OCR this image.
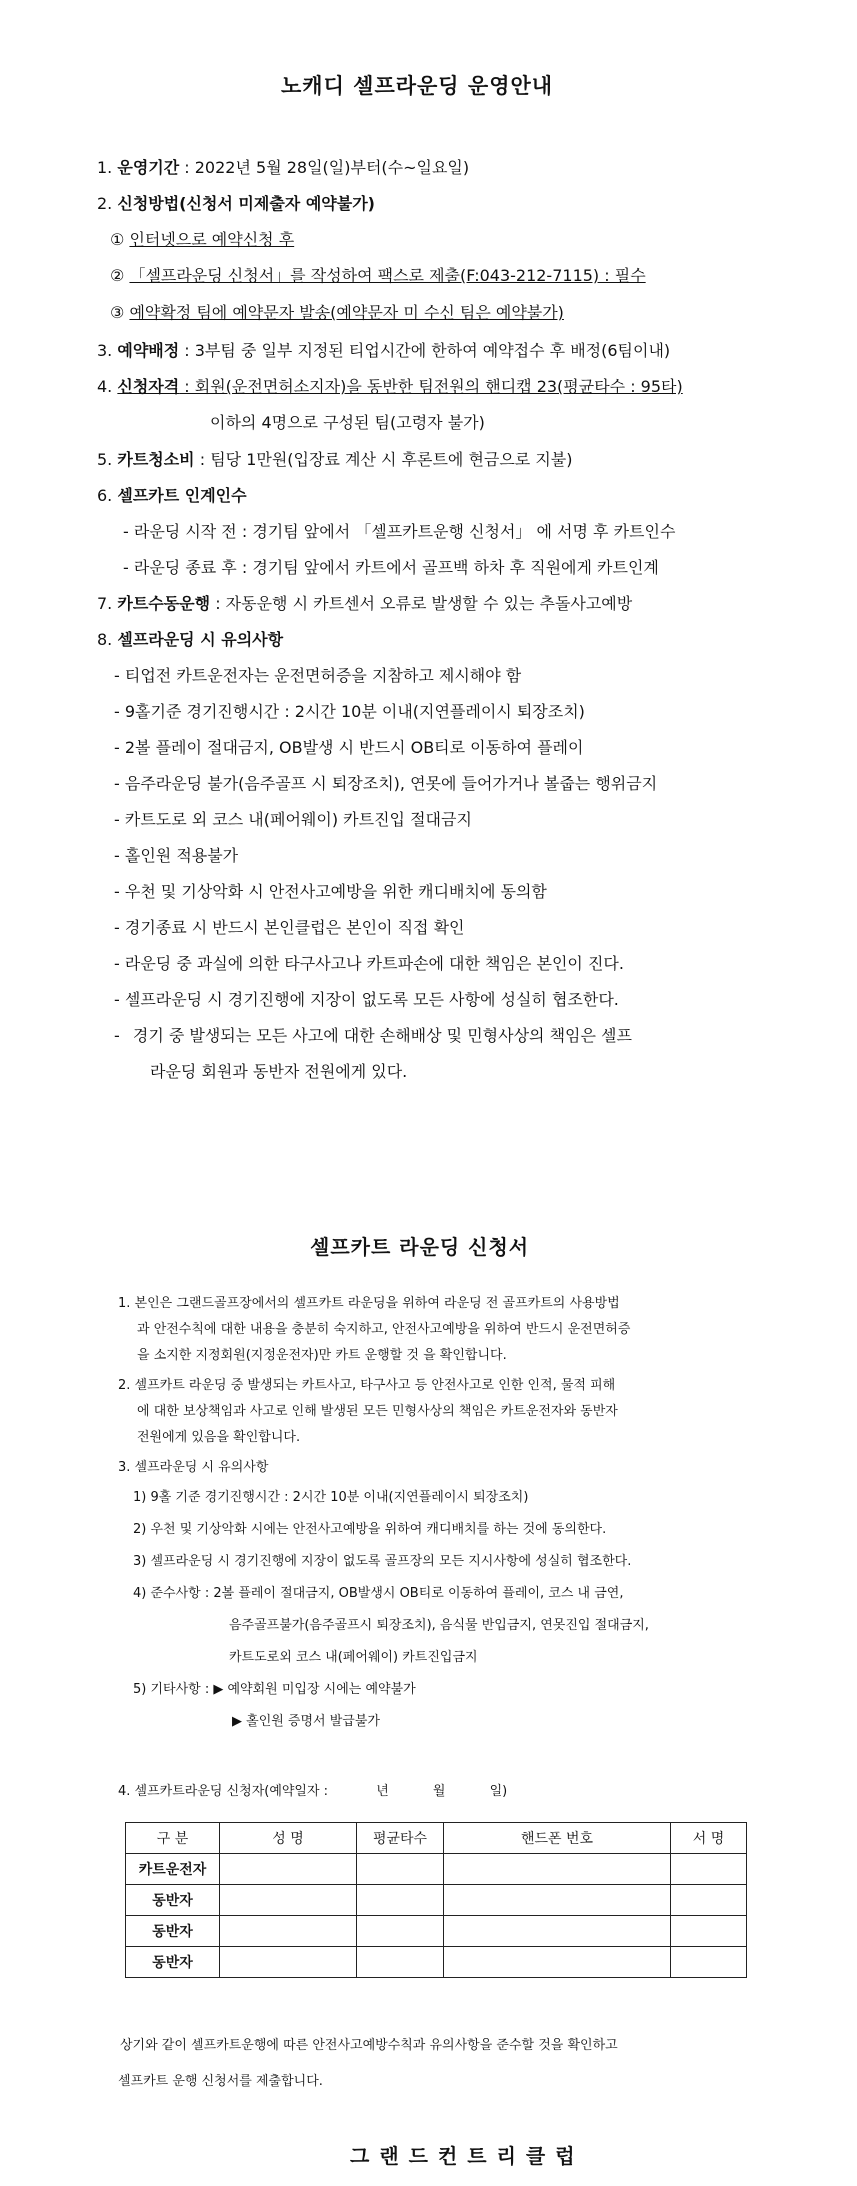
노캐디 셀프라운딩 운영안내
1. 운영기간 : 2022년 5월 28일(일)부터(수~일요일)
2. 신청방법(신청서 미제출자 예약불가)
① 인터넷으로 예약신청 후
② 「셀프라운딩 신청서」를 작성하여 팩스로 제출(F:043-212-7115) : 필수
③ 예약확정 팀에 예약문자 발송(예약문자 미 수신 팀은 예약불가)
3. 예약배정 : 3부팀 중 일부 지정된 티업시간에 한하여 예약접수 후 배정(6팀이내)
4. 신청자격 : 회원(운전면허소지자)을 동반한 팀전원의 핸디캡 23(평균타수 : 95타)
이하의 4명으로 구성된 팀(고령자 불가)
5. 카트청소비 : 팀당 1만원(입장료 계산 시 후론트에 현금으로 지불)
6. 셀프카트 인계인수
- 라운딩 시작 전 : 경기팀 앞에서 「셀프카트운행 신청서」 에 서명 후 카트인수
- 라운딩 종료 후 : 경기팀 앞에서 카트에서 골프백 하차 후 직원에게 카트인계
7. 카트수동운행 : 자동운행 시 카트센서 오류로 발생할 수 있는 추돌사고예방
8. 셀프라운딩 시 유의사항
- 티업전 카트운전자는 운전면허증을 지참하고 제시해야 함
- 9홀기준 경기진행시간 : 2시간 10분 이내(지연플레이시 퇴장조치)
- 2볼 플레이 절대금지, OB발생 시 반드시 OB티로 이동하여 플레이
- 음주라운딩 불가(음주골프 시 퇴장조치), 연못에 들어가거나 볼줍는 행위금지
- 카트도로 외 코스 내(페어웨이) 카트진입 절대금지
- 홀인원 적용불가
- 우천 및 기상악화 시 안전사고예방을 위한 캐디배치에 동의함
- 경기종료 시 반드시 본인클럽은 본인이 직접 확인
- 라운딩 중 과실에 의한 타구사고나 카트파손에 대한 책임은 본인이 진다.
- 셀프라운딩 시 경기진행에 지장이 없도록 모든 사항에 성실히 협조한다.
- 경기 중 발생되는 모든 사고에 대한 손해배상 및 민형사상의 책임은 셀프
라운딩 회원과 동반자 전원에게 있다.
셀프카트 라운딩 신청서
1. 본인은 그랜드골프장에서의 셀프카트 라운딩을 위하여 라운딩 전 골프카트의 사용방법
과 안전수칙에 대한 내용을 충분히 숙지하고, 안전사고예방을 위하여 반드시 운전면허증
을 소지한 지정회원(지정운전자)만 카트 운행할 것 을 확인합니다.
2. 셀프카트 라운딩 중 발생되는 카트사고, 타구사고 등 안전사고로 인한 인적, 물적 피해
에 대한 보상책임과 사고로 인해 발생된 모든 민형사상의 책임은 카트운전자와 동반자
전원에게 있음을 확인합니다.
3. 셀프라운딩 시 유의사항
1) 9홀 기준 경기진행시간 : 2시간 10분 이내(지연플레이시 퇴장조치)
2) 우천 및 기상악화 시에는 안전사고예방을 위하여 캐디배치를 하는 것에 동의한다.
3) 셀프라운딩 시 경기진행에 지장이 없도록 골프장의 모든 지시사항에 성실히 협조한다.
4) 준수사항 : 2볼 플레이 절대금지, OB발생시 OB티로 이동하여 플레이, 코스 내 금연,
음주골프불가(음주골프시 퇴장조치), 음식물 반입금지, 연못진입 절대금지,
카트도로외 코스 내(페어웨이) 카트진입금지
5) 기타사항 : ▶ 예약회원 미입장 시에는 예약불가
▶ 홀인원 증명서 발급불가
4. 셀프카트라운딩 신청자(예약일자 :	년	월	일)
구 분	성 명	평균타수	핸드폰 번호	서 명
카트운전자				
동반자				
동반자				
동반자				
상기와 같이 셀프카트운행에 따른 안전사고예방수칙과 유의사항을 준수할 것을 확인하고
셀프카트 운행 신청서를 제출합니다.
그랜드컨트리클럽
